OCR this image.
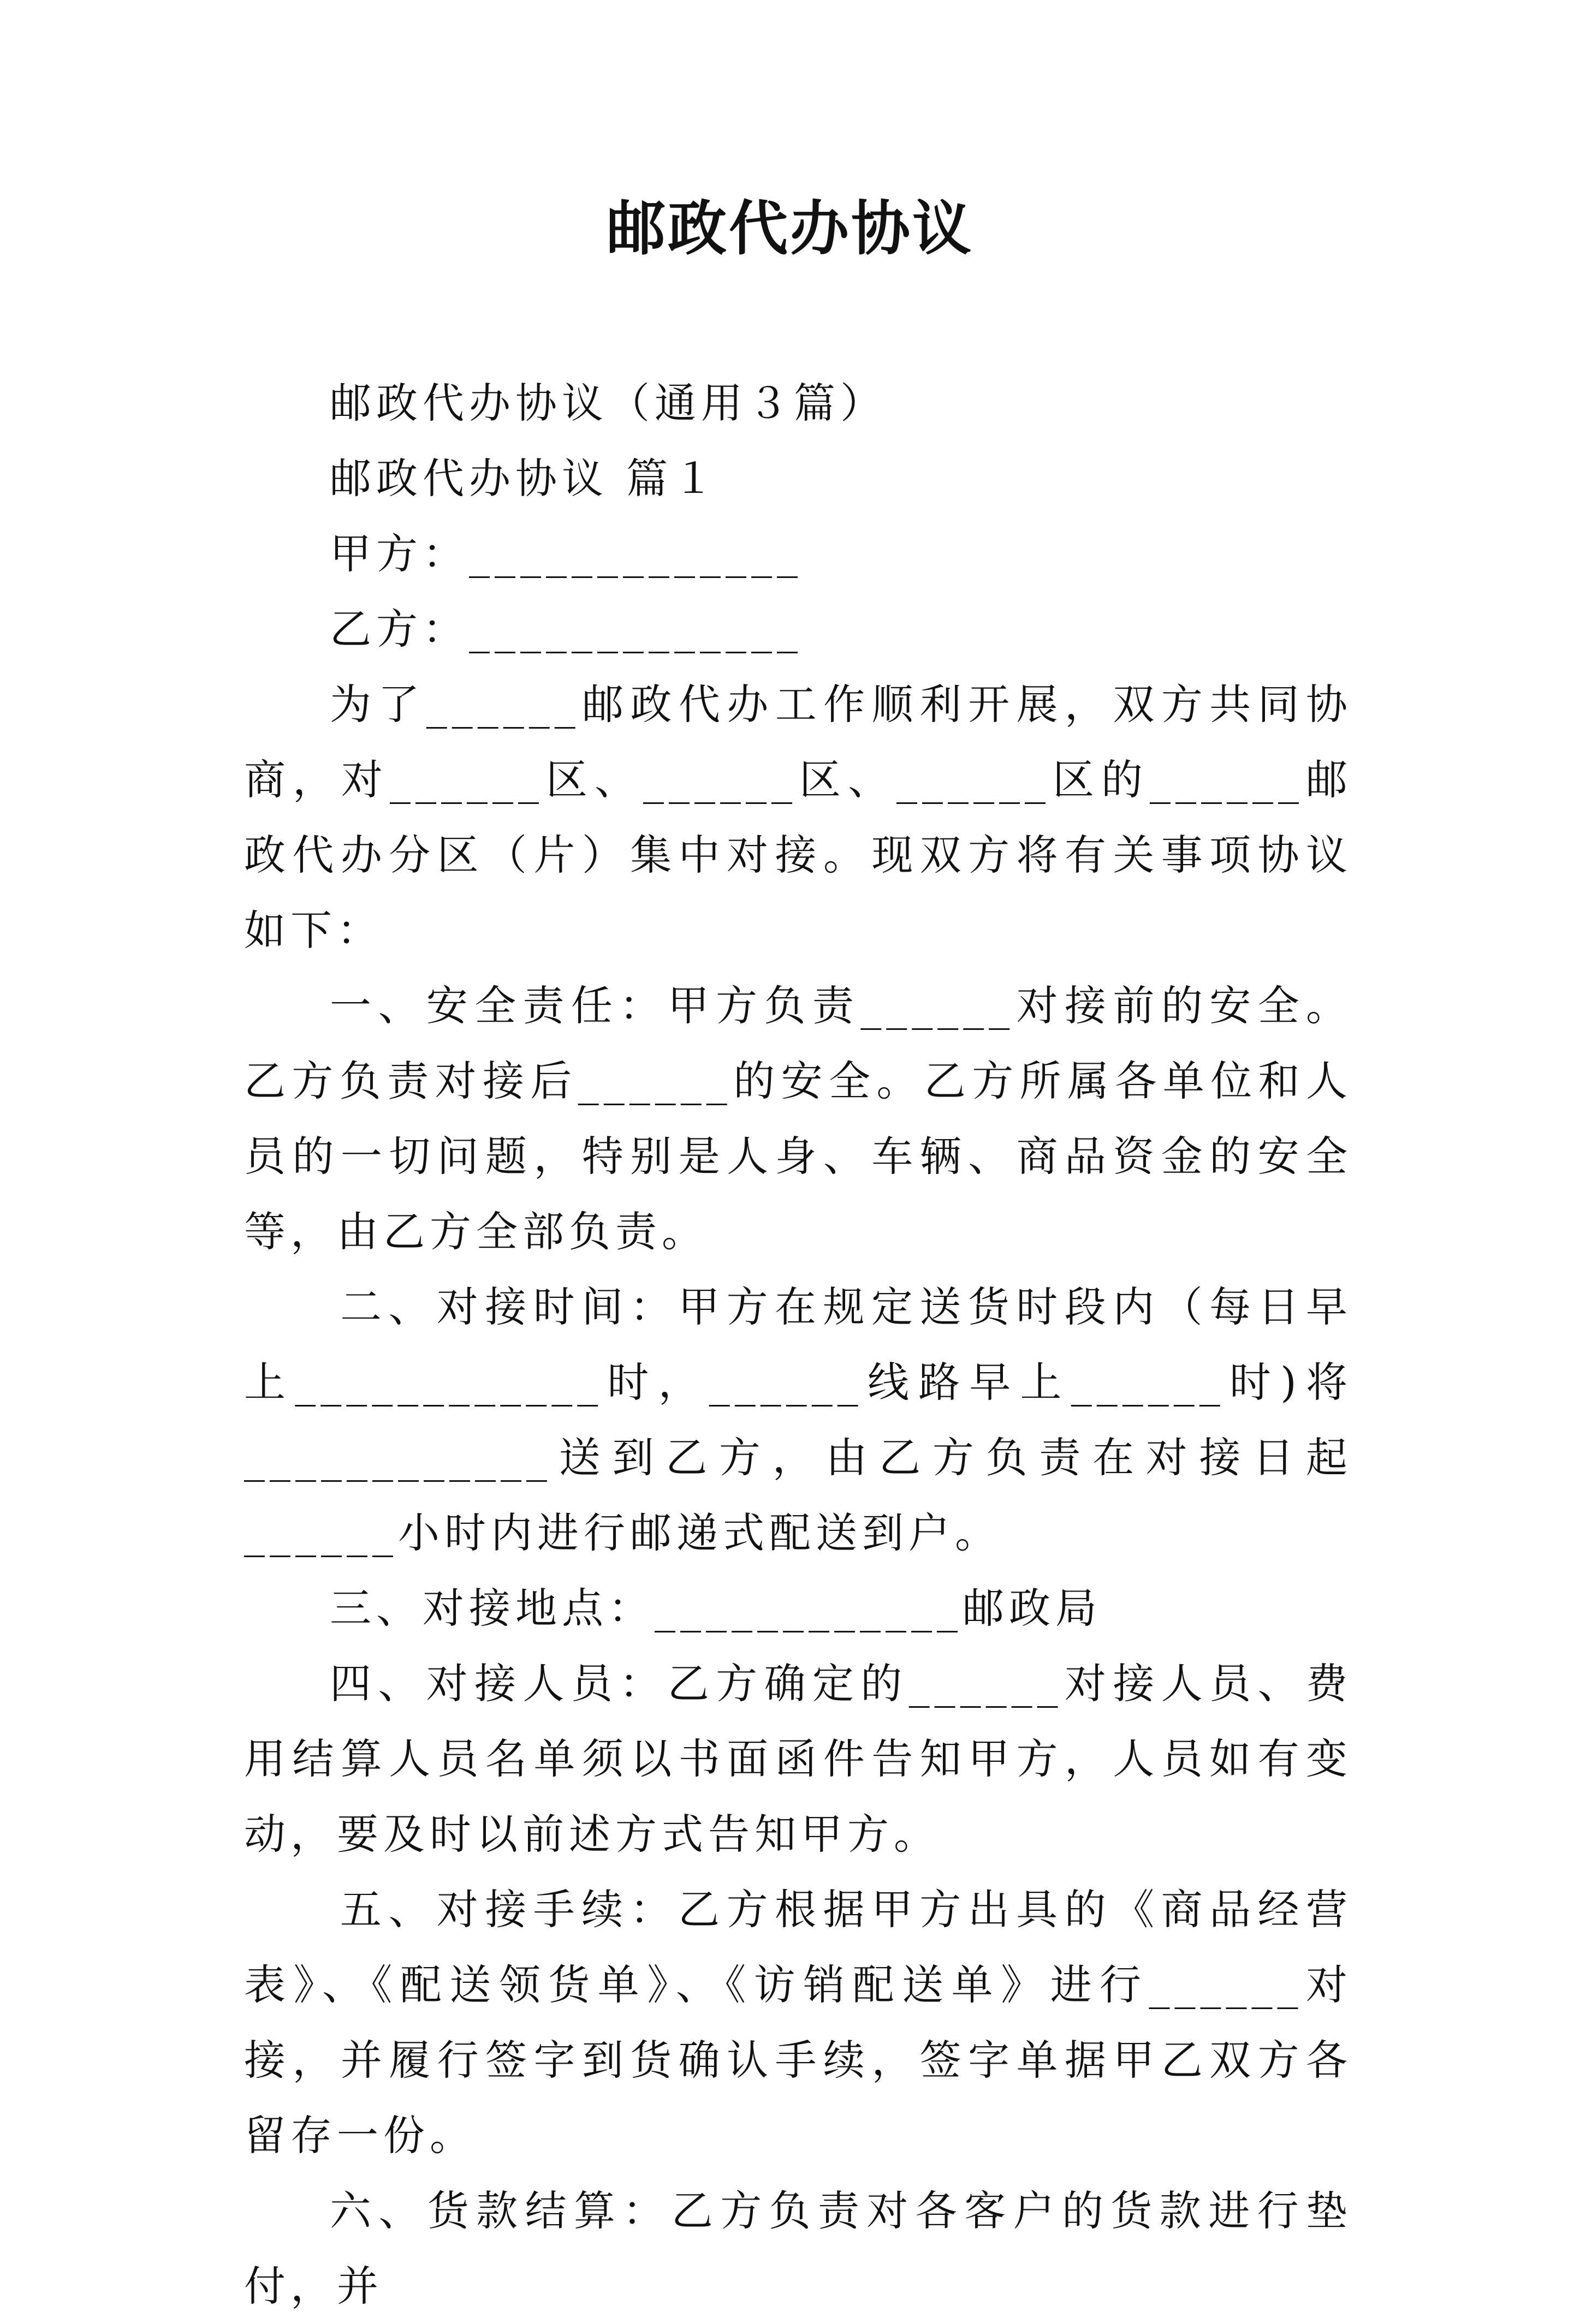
邮政代办协议

邮政代办协议（通用３篇）

邮政代办协议 篇１

甲方：_____________

乙方：_____________

为了______邮政代办工作顺利开展，双方共同协商，对______区、______区、______区的______邮政代办分区（片）集中对接。现双方将有关事项协议如下：

一、安全责任：甲方负责______对接前的安全。乙方负责对接后______的安全。乙方所属各单位和人员的一切问题，特别是人身、车辆、商品资金的安全等，由乙方全部负责。

二、对接时间：甲方在规定送货时段内（每日早上____________时，______线路早上______时)将____________送到乙方，由乙方负责在对接日起______小时内进行邮递式配送到户。

三、对接地点：____________邮政局

四、对接人员：乙方确定的______对接人员、费用结算人员名单须以书面函件告知甲方，人员如有变动，要及时以前述方式告知甲方。

五、对接手续：乙方根据甲方出具的《商品经营表》、《配送领货单》、《访销配送单》进行______对接，并履行签字到货确认手续，签字单据甲乙双方各留存一份。

六、货款结算：乙方负责对各客户的货款进行垫付，并
